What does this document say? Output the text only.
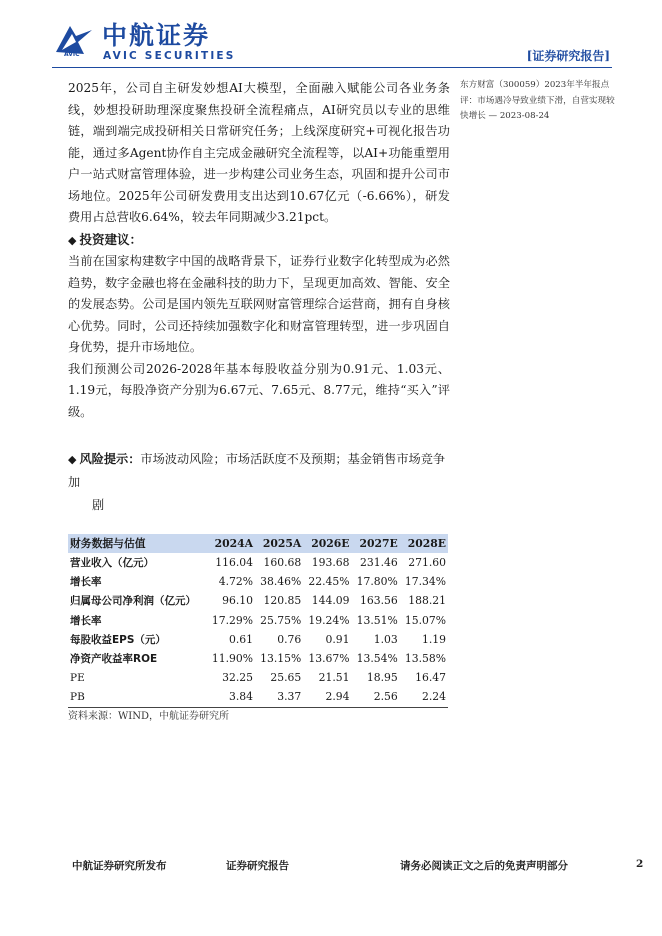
AVIC
中航证券
AVIC SECURITIES	[证券研究报告]

2025年，公司自主研发妙想AI大模型，全面融入赋能公司各业务条线，妙想投研助理深度聚焦投研全流程痛点，AI研究员以专业的思维链，端到端完成投研相关日常研究任务；上线深度研究+可视化报告功能，通过多Agent协作自主完成金融研究全流程等，以AI+功能重塑用户一站式财富管理体验，进一步构建公司业务生态，巩固和提升公司市场地位。2025年公司研发费用支出达到10.67亿元（-6.66%），研发费用占总营收6.64%，较去年同期减少3.21pct。

◆ 投资建议：

当前在国家构建数字中国的战略背景下，证券行业数字化转型成为必然趋势，数字金融也将在金融科技的助力下，呈现更加高效、智能、安全的发展态势。公司是国内领先互联网财富管理综合运营商，拥有自身核心优势。同时，公司还持续加强数字化和财富管理转型，进一步巩固自身优势，提升市场地位。

我们预测公司2026-2028年基本每股收益分别为0.91元、1.03元、1.19元，每股净资产分别为6.67元、7.65元、8.77元，维持“买入”评级。

东方财富（300059）2023年半年报点评：市场遇冷导致业绩下滑，自营实现较快增长 — 2023-08-24
◆ 风险提示：市场波动风险；市场活跃度不及预期；基金销售市场竞争加
剧
财务数据与估值	2024A	2025A	2026E	2027E	2028E
营业收入（亿元）	116.04	160.68	193.68	231.46	271.60
增长率	4.72%	38.46%	22.45%	17.80%	17.34%
归属母公司净利润（亿元）	96.10	120.85	144.09	163.56	188.21
增长率	17.29%	25.75%	19.24%	13.51%	15.07%
每股收益EPS（元）	0.61	0.76	0.91	1.03	1.19
净资产收益率ROE	11.90%	13.15%	13.67%	13.54%	13.58%
PE	32.25	25.65	21.51	18.95	16.47
PB	3.84	3.37	2.94	2.56	2.24
资料来源：WIND，中航证券研究所
中航证券研究所发布	证券研究报告	请务必阅读正文之后的免责声明部分	2
